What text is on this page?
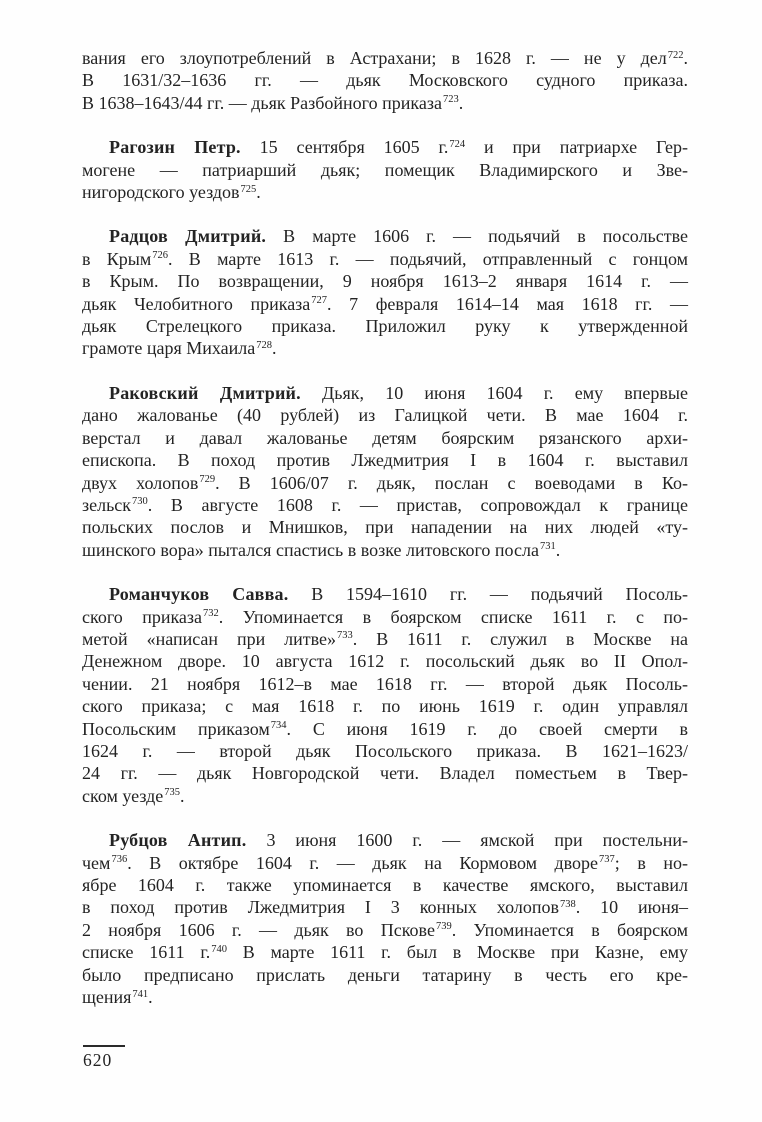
вания его злоупотреблений в Астрахани; в 1628 г. — не у дел$^{722}$.
В 1631/32–1636 гг. — дьяк Московского судного приказа.
В 1638–1643/44 гг. — дьяк Разбойного приказа$^{723}$.
Рагозин Петр. 15 сентября 1605 г.$^{724}$ и при патриархе Гер-
могене — патриарший дьяк; помещик Владимирского и Зве-
нигородского уездов$^{725}$.
Радцов Дмитрий. В марте 1606 г. — подьячий в посольстве
в Крым$^{726}$. В марте 1613 г. — подьячий, отправленный с гонцом
в Крым. По возвращении, 9 ноября 1613–2 января 1614 г. —
дьяк Челобитного приказа$^{727}$. 7 февраля 1614–14 мая 1618 гг. —
дьяк Стрелецкого приказа. Приложил руку к утвержденной
грамоте царя Михаила$^{728}$.
Раковский Дмитрий. Дьяк, 10 июня 1604 г. ему впервые
дано жалованье (40 рублей) из Галицкой чети. В мае 1604 г.
верстал и давал жалованье детям боярским рязанского архи-
епископа. В поход против Лжедмитрия I в 1604 г. выставил
двух холопов$^{729}$. В 1606/07 г. дьяк, послан с воеводами в Ко-
зельск$^{730}$. В августе 1608 г. — пристав, сопровождал к границе
польских послов и Мнишков, при нападении на них людей «ту-
шинского вора» пытался спастись в возке литовского посла$^{731}$.
Романчуков Савва. В 1594–1610 гг. — подьячий Посоль-
ского приказа$^{732}$. Упоминается в боярском списке 1611 г. с по-
метой «написан при литве»$^{733}$. В 1611 г. служил в Москве на
Денежном дворе. 10 августа 1612 г. посольский дьяк во II Опол-
чении. 21 ноября 1612–в мае 1618 гг. — второй дьяк Посоль-
ского приказа; с мая 1618 г. по июнь 1619 г. один управлял
Посольским приказом$^{734}$. С июня 1619 г. до своей смерти в
1624 г. — второй дьяк Посольского приказа. В 1621–1623/
24 гг. — дьяк Новгородской чети. Владел поместьем в Твер-
ском уезде$^{735}$.
Рубцов Антип. 3 июня 1600 г. — ямской при постельни-
чем$^{736}$. В октябре 1604 г. — дьяк на Кормовом дворе$^{737}$; в но-
ябре 1604 г. также упоминается в качестве ямского, выставил
в поход против Лжедмитрия I 3 конных холопов$^{738}$. 10 июня–
2 ноября 1606 г. — дьяк во Пскове$^{739}$. Упоминается в боярском
списке 1611 г.$^{740}$ В марте 1611 г. был в Москве при Казне, ему
было предписано прислать деньги татарину в честь его кре-
щения$^{741}$.
620
